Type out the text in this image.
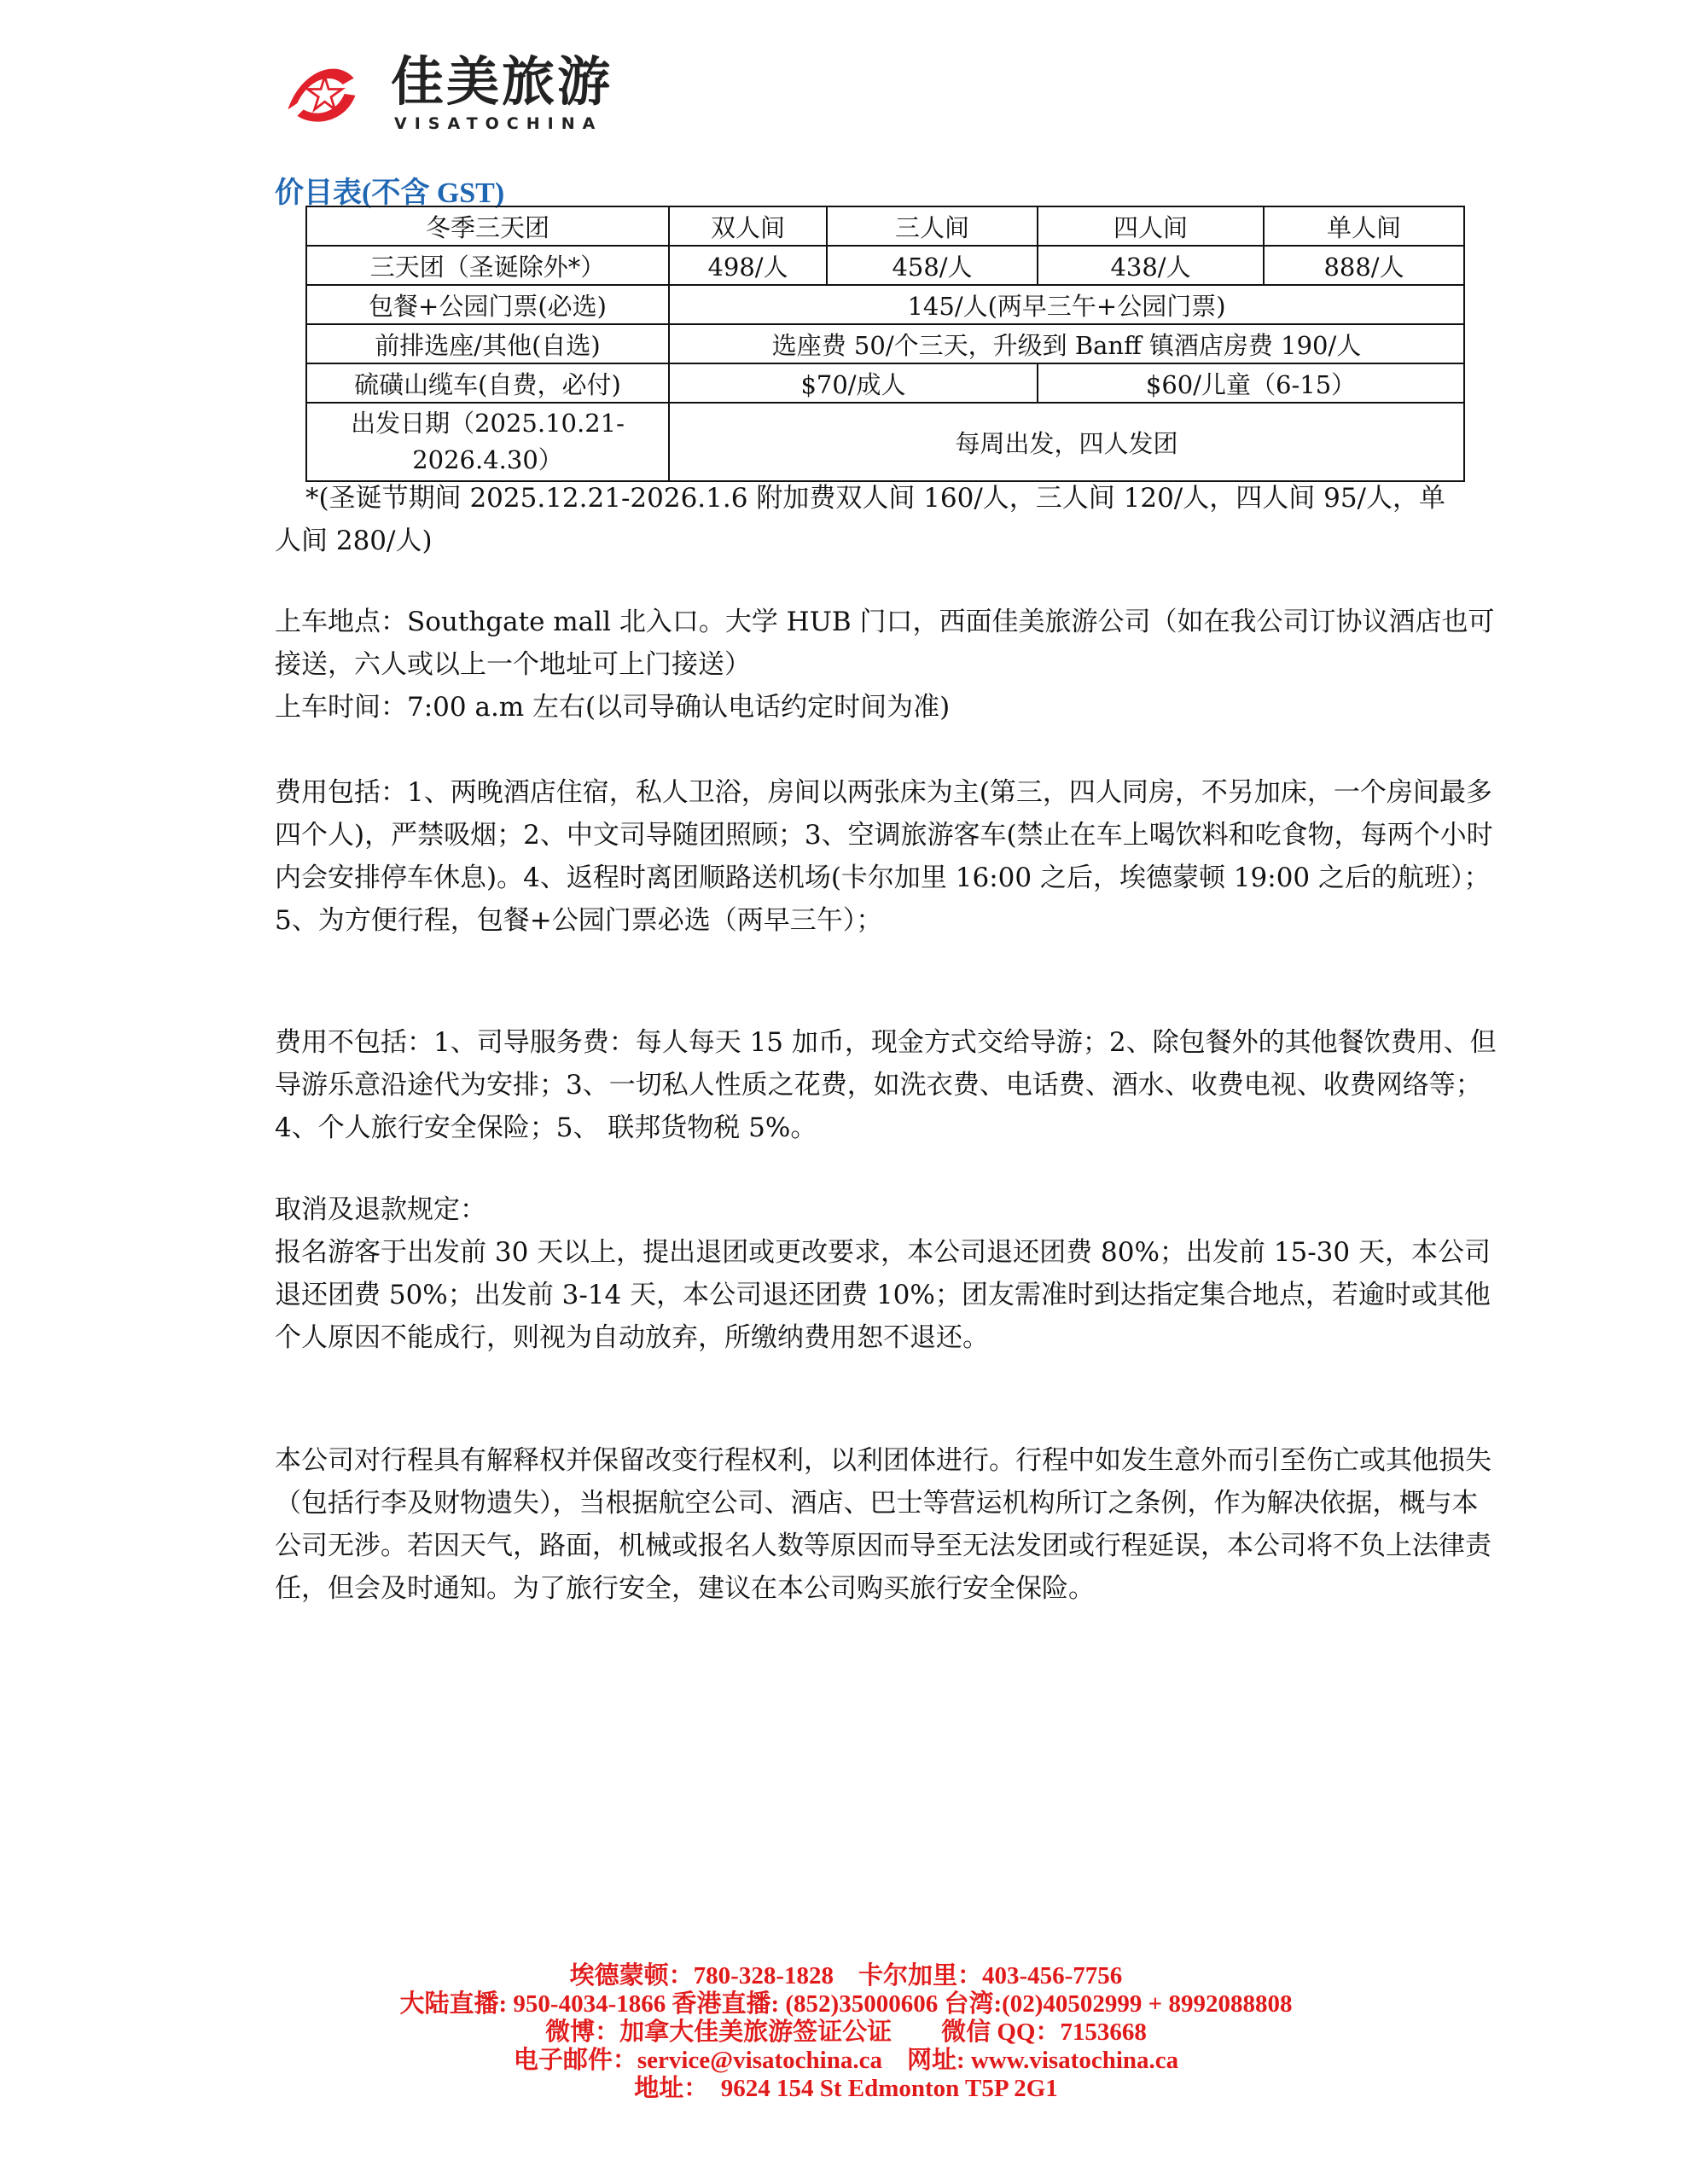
佳美旅游
VISATOCHINA
价目表(不含 GST)
冬季三天团	双人间	三人间	四人间	单人间
三天团（圣诞除外*）	498/人	458/人	438/人	888/人
包餐+公园门票(必选)	145/人(两早三午+公园门票)			
前排选座/其他(自选)	选座费 50/个三天，升级到 Banff 镇酒店房费 190/人			
硫磺山缆车(自费，必付)	$70/成人		$60/儿童（6-15）	
出发日期（2025.10.21-2026.4.30）	每周出发，四人发团			

*(圣诞节期间 2025.12.21-2026.1.6 附加费双人间 160/人，三人间 120/人，四人间 95/人，单人间 280/人)

上车地点：Southgate mall 北入口。大学 HUB 门口，西面佳美旅游公司（如在我公司订协议酒店也可接送，六人或以上一个地址可上门接送）

上车时间：7:00 a.m 左右(以司导确认电话约定时间为准)

费用包括：1、两晚酒店住宿，私人卫浴，房间以两张床为主(第三，四人同房，不另加床，一个房间最多四个人)，严禁吸烟；2、中文司导随团照顾；3、空调旅游客车(禁止在车上喝饮料和吃食物，每两个小时内会安排停车休息)。4、返程时离团顺路送机场(卡尔加里 16:00 之后，埃德蒙顿 19:00 之后的航班）；5、为方便行程，包餐+公园门票必选（两早三午）；

费用不包括：1、司导服务费：每人每天 15 加币，现金方式交给导游；2、除包餐外的其他餐饮费用、但导游乐意沿途代为安排；3、一切私人性质之花费，如洗衣费、电话费、酒水、收费电视、收费网络等；4、个人旅行安全保险；5、 联邦货物税 5%。

取消及退款规定：

报名游客于出发前 30 天以上，提出退团或更改要求，本公司退还团费 80%；出发前 15-30 天，本公司退还团费 50%；出发前 3-14 天，本公司退还团费 10%；团友需准时到达指定集合地点，若逾时或其他个人原因不能成行，则视为自动放弃，所缴纳费用恕不退还。

本公司对行程具有解释权并保留改变行程权利，以利团体进行。行程中如发生意外而引至伤亡或其他损失（包括行李及财物遗失），当根据航空公司、酒店、巴士等营运机构所订之条例，作为解决依据，概与本公司无涉。若因天气，路面，机械或报名人数等原因而导至无法发团或行程延误，本公司将不负上法律责任，但会及时通知。为了旅行安全，建议在本公司购买旅行安全保险。

埃德蒙顿：780-328-1828　卡尔加里：403-456-7756
大陆直播: 950-4034-1866 香港直播: (852)35000606 台湾:(02)40502999 + 8992088808
微博：加拿大佳美旅游签证公证　　微信 QQ：7153668
电子邮件：service@visatochina.ca　网址: www.visatochina.ca
地址：　9624 154 St Edmonton T5P 2G1
